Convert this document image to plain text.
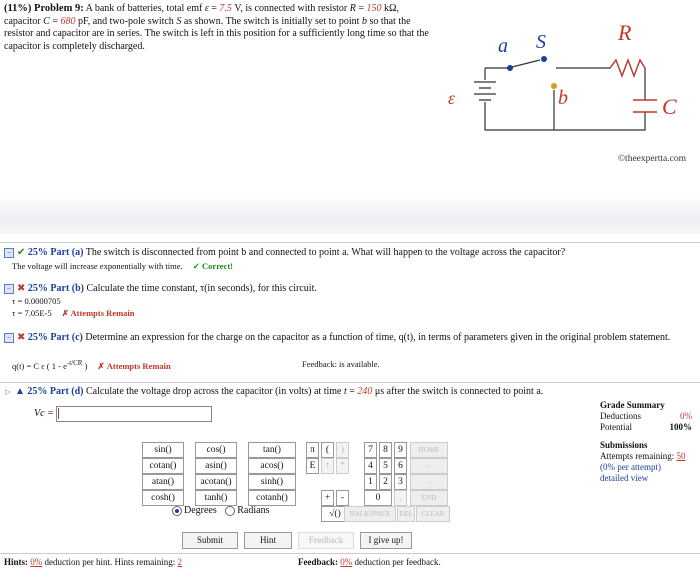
(11%) Problem 9: A bank of batteries, total emf ε = 7.5 V, is connected with resistor R = 150 kΩ, capacitor C = 680 pF, and two-pole switch S as shown. The switch is initially set to point b so that the resistor and capacitor are in series. The switch is left in this position for a sufficiently long time so that the capacitor is completely discharged.	a S	R
ε	b	C
©theexpertta.com
− ✔ 25% Part (a) The switch is disconnected from point b and connected to point a. What will happen to the voltage across the capacitor?
The voltage will increase exponentially with time. ✓ Correct!
− ✖ 25% Part (b) Calculate the time constant, τ(in seconds), for this circuit.
τ = 0.0000705
τ = 7.05E-5 ✗ Attempts Remain
− ✖ 25% Part (c) Determine an expression for the charge on the capacitor as a function of time, q(t), in terms of parameters given in the original problem statement.
q(t) = C ε ( $1 - e^{-t/CR}$ ) ✗ Attempts Remain	Feedback: is available.
▷ ▲ 25% Part (d) Calculate the voltage drop across the capacitor (in volts) at time t = 240 μs after the switch is connected to point a.
Vc =
sin()	cos()	tan()
cotan()	asin()	acos()
atan()	acotan()	sinh()
cosh()	tanh()	cotanh()
Degrees Radians
π	(	)
E	↑	*
+	-
√()
7	8	9
4	5	6
1	2	3
0	.
HOME
←
→
END
BACKSPACE	DEL	CLEAR
Submit	Hint	Feedback	I give up!
Grade Summary
Deductions	0%
Potential	100%
Submissions
Attempts remaining: 50
(0% per attempt)
detailed view
Hints: 0% deduction per hint. Hints remaining: 2	Feedback: 0% deduction per feedback.
